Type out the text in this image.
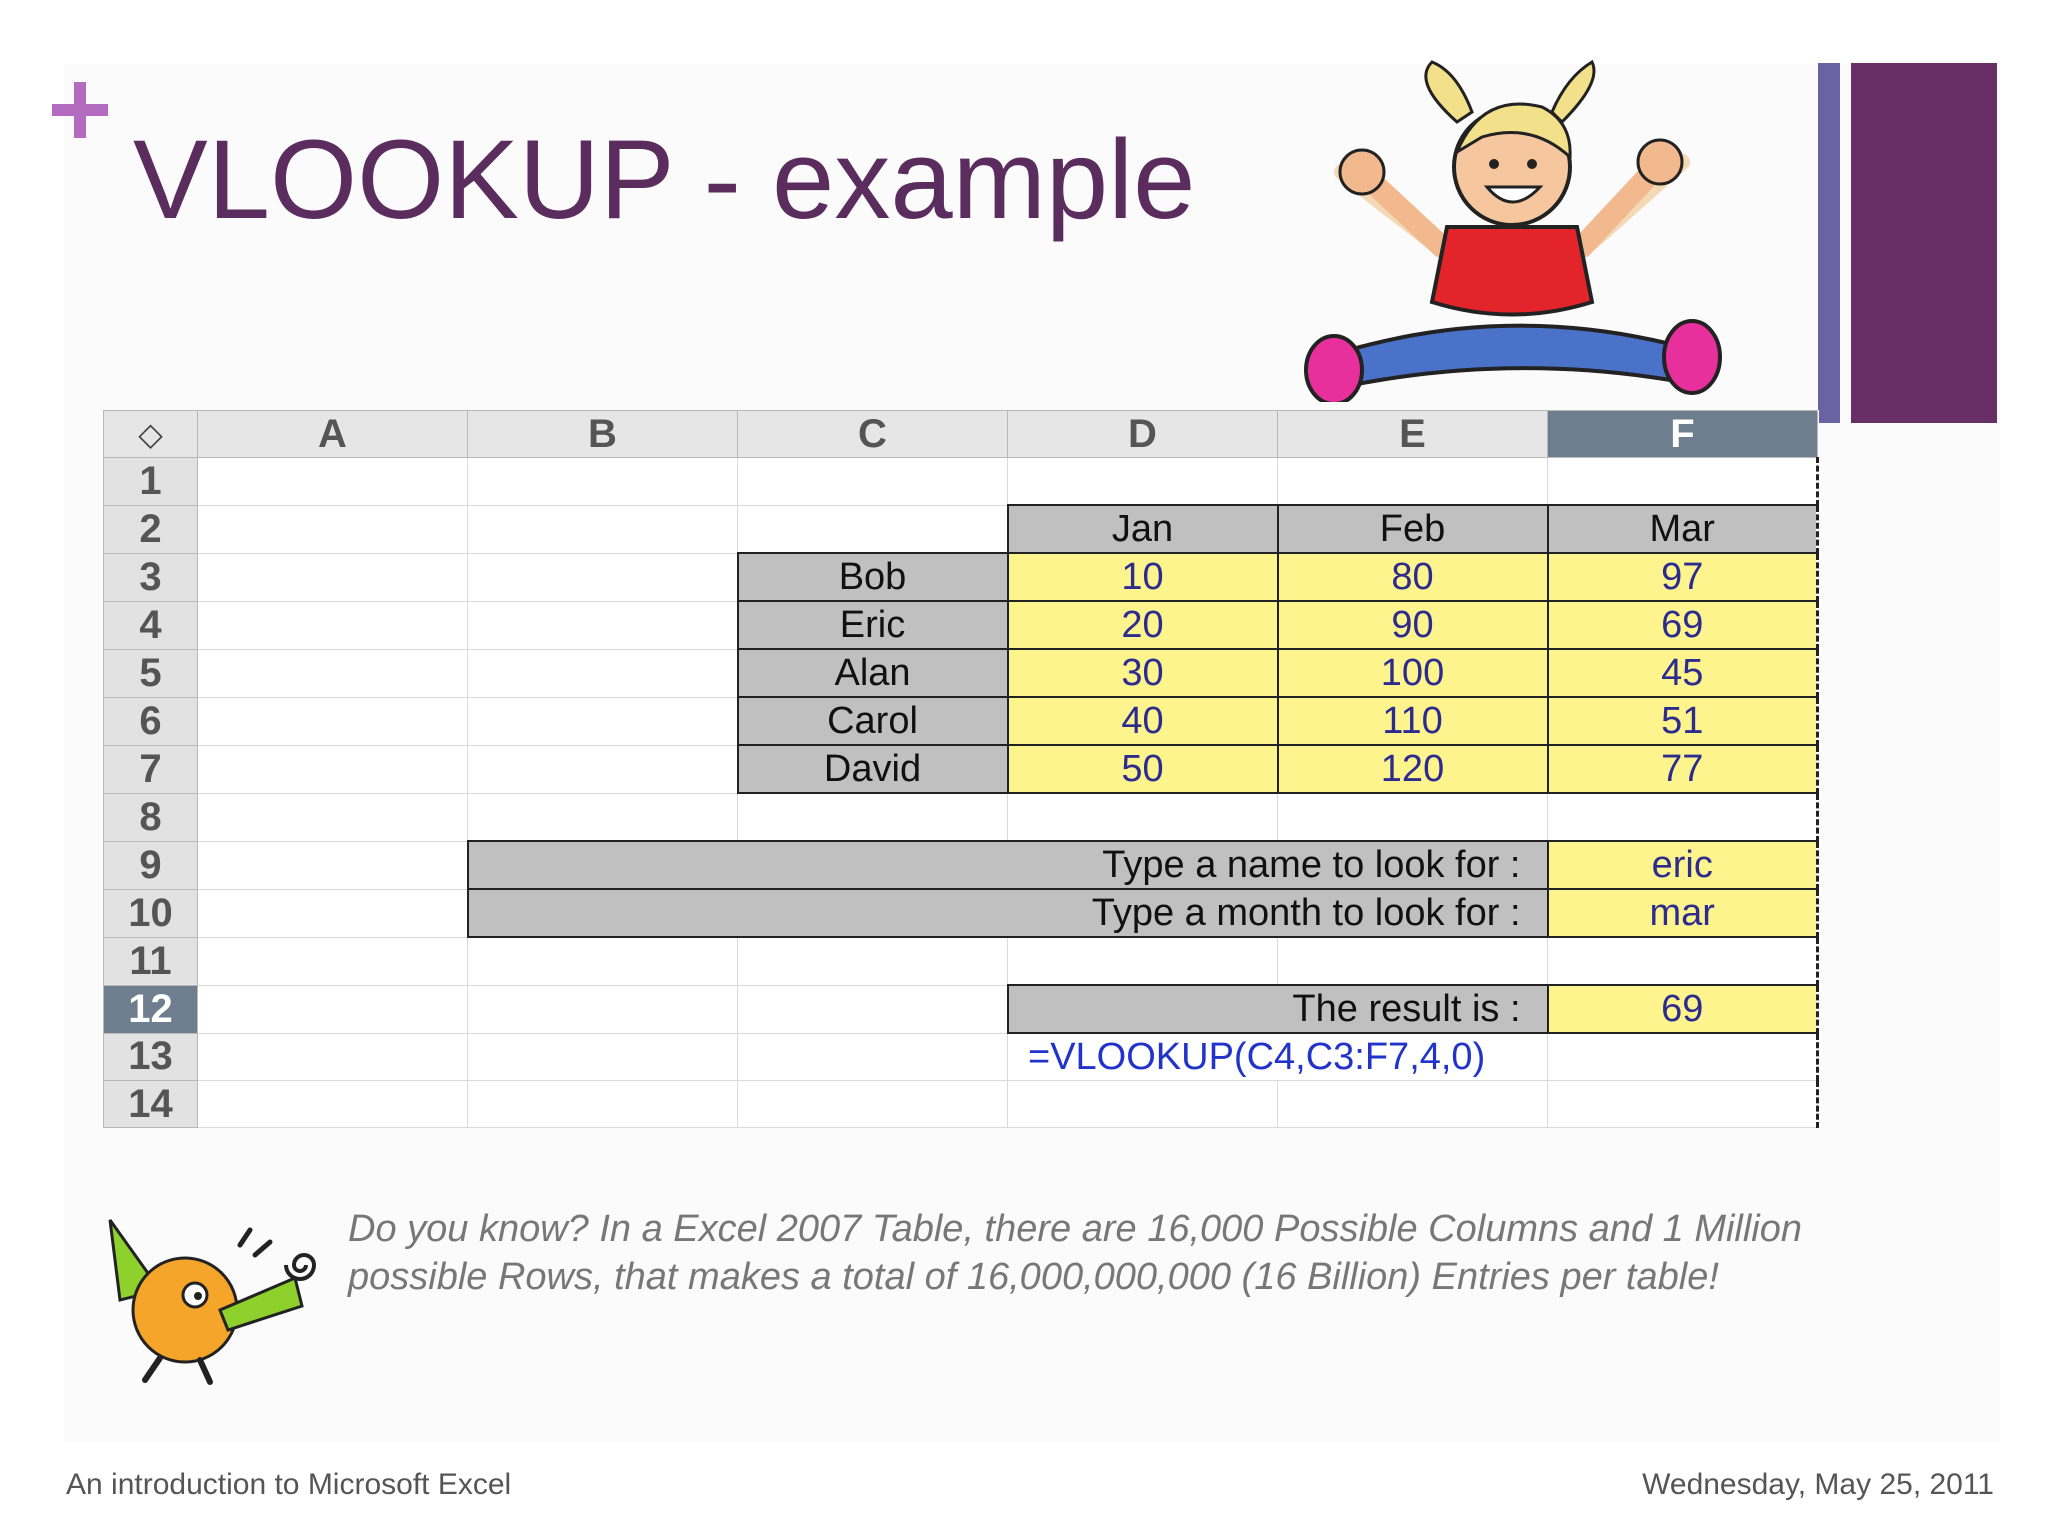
VLOOKUP - example
◇	A	B	C	D	E	F
1						
2				Jan	Feb	Mar
3			Bob	10	80	97
4			Eric	20	90	69
5			Alan	30	100	45
6			Carol	40	110	51
7			David	50	120	77
8						
9		Type a name to look for :				eric
10		Type a month to look for :				mar
11						
12				The result is :		69
13				=VLOOKUP(C4,C3:F7,4,0)		
14						
Do you know? In a Excel 2007 Table, there are 16,000 Possible Columns and 1 Million possible Rows, that makes a total of 16,000,000,000 (16 Billion) Entries per table!
An introduction to Microsoft Excel	Wednesday, May 25, 2011
